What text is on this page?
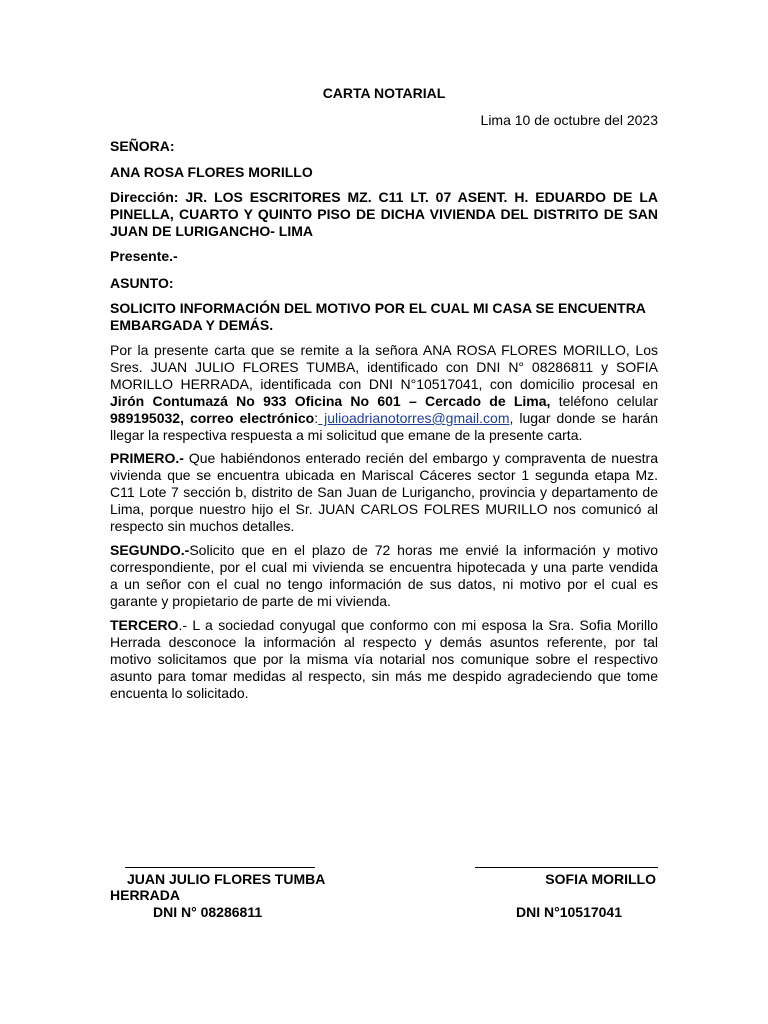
CARTA NOTARIAL
Lima 10 de octubre del 2023
SEÑORA:
ANA ROSA FLORES MORILLO
Dirección: JR. LOS ESCRITORES MZ. C11 LT. 07 ASENT. H. EDUARDO DE LA
PINELLA, CUARTO Y QUINTO PISO DE DICHA VIVIENDA DEL DISTRITO DE SAN
JUAN DE LURIGANCHO- LIMA
Presente.-
ASUNTO:
SOLICITO INFORMACIÓN DEL MOTIVO POR EL CUAL MI CASA SE ENCUENTRA
EMBARGADA Y DEMÁS.
Por la presente carta que se remite a la señora ANA ROSA FLORES MORILLO, Los
Sres. JUAN JULIO FLORES TUMBA, identificado con DNI N° 08286811 y SOFIA
MORILLO HERRADA, identificada con DNI N°10517041, con domicilio procesal en
Jirón Contumazá No 933 Oficina No 601 – Cercado de Lima, teléfono celular
989195032, correo electrónico: julioadrianotorres@gmail.com, lugar donde se harán
llegar la respectiva respuesta a mi solicitud que emane de la presente carta.
PRIMERO.- Que habiéndonos enterado recién del embargo y compraventa de nuestra
vivienda que se encuentra ubicada en Mariscal Cáceres sector 1 segunda etapa Mz.
C11 Lote 7 sección b, distrito de San Juan de Lurigancho, provincia y departamento de
Lima, porque nuestro hijo el Sr. JUAN CARLOS FOLRES MURILLO nos comunicó al
respecto sin muchos detalles.
SEGUNDO.-Solicito que en el plazo de 72 horas me envié la información y motivo
correspondiente, por el cual mi vivienda se encuentra hipotecada y una parte vendida
a un señor con el cual no tengo información de sus datos, ni motivo por el cual es
garante y propietario de parte de mi vivienda.
TERCERO.- L a sociedad conyugal que conformo con mi esposa la Sra. Sofia Morillo
Herrada desconoce la información al respecto y demás asuntos referente, por tal
motivo solicitamos que por la misma vía notarial nos comunique sobre el respectivo
asunto para tomar medidas al respecto, sin más me despido agradeciendo que tome
encuenta lo solicitado.
JUAN JULIO FLORES TUMBA	SOFIA MORILLO
HERRADA
DNI N° 08286811	DNI N°10517041
